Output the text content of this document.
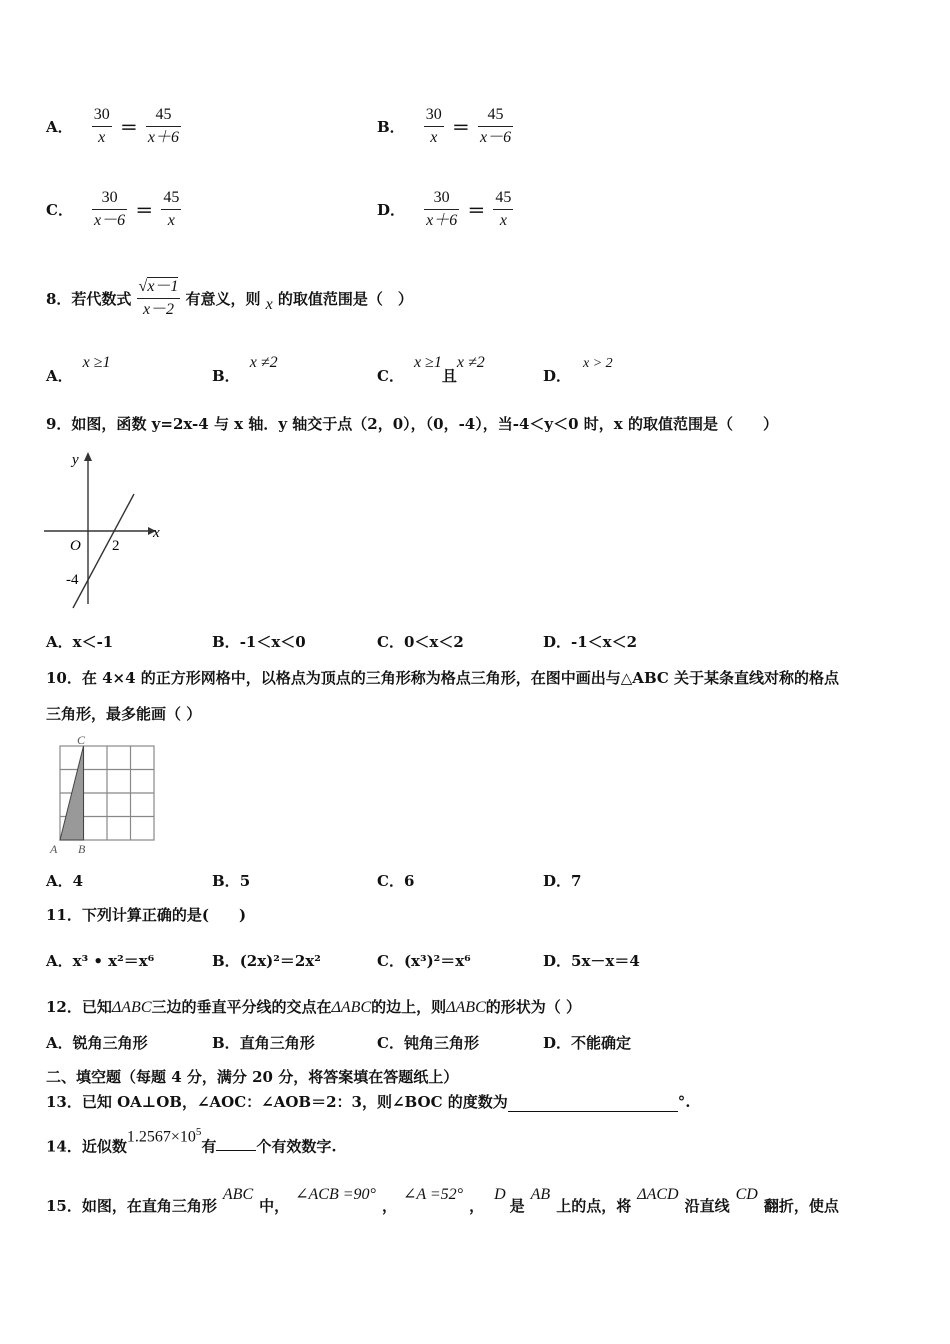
A． $\frac{30}{x} = \frac{45}{x+6}$	B． $\frac{30}{x} = \frac{45}{x-6}$
C． $\frac{30}{x-6} = \frac{45}{x}$	D． $\frac{30}{x+6} = \frac{45}{x}$
8．若代数式 $\frac{√x-1}{x-2}$ 有意义，则 x 的取值范围是（　）
A．x ≥1
B．x ≠2
C．x ≥1且x ≠2
D．x > 2
9．如图，函数 y=2x-4 与 x 轴．y 轴交于点（2，0），（0，-4），当-4＜y＜0 时，x 的取值范围是（　　）
y
x
O 2
-4
A．x＜-1	B．-1＜x＜0	C．0＜x＜2	D．-1＜x＜2
10．在 4×4 的正方形网格中，以格点为顶点的三角形称为格点三角形，在图中画出与△ABC 关于某条直线对称的格点
三角形，最多能画（ ）
A B
C
A．4	B．5	C．6	D．7
11．下列计算正确的是(　　)
A．x³ • x²＝x⁶	B．(2x)²＝2x²	C．(x³)²＝x⁶	D．5x－x＝4
12．已知ΔABC三边的垂直平分线的交点在ΔABC的边上，则ΔABC的形状为（ ）
A．锐角三角形	B．直角三角形	C．钝角三角形	D．不能确定
二、填空题（每题 4 分，满分 20 分，将答案填在答题纸上）
13．已知 OA⊥OB，∠AOC：∠AOB＝2：3，则∠BOC 的度数为	°.
14．近似数$1.2567\times 10^5$有	个有效数字.
15．如图，在直角三角形ABC中，∠ACB =90°，∠A =52°，D是AB上的点，将ΔACD沿直线CD翻折，使点
